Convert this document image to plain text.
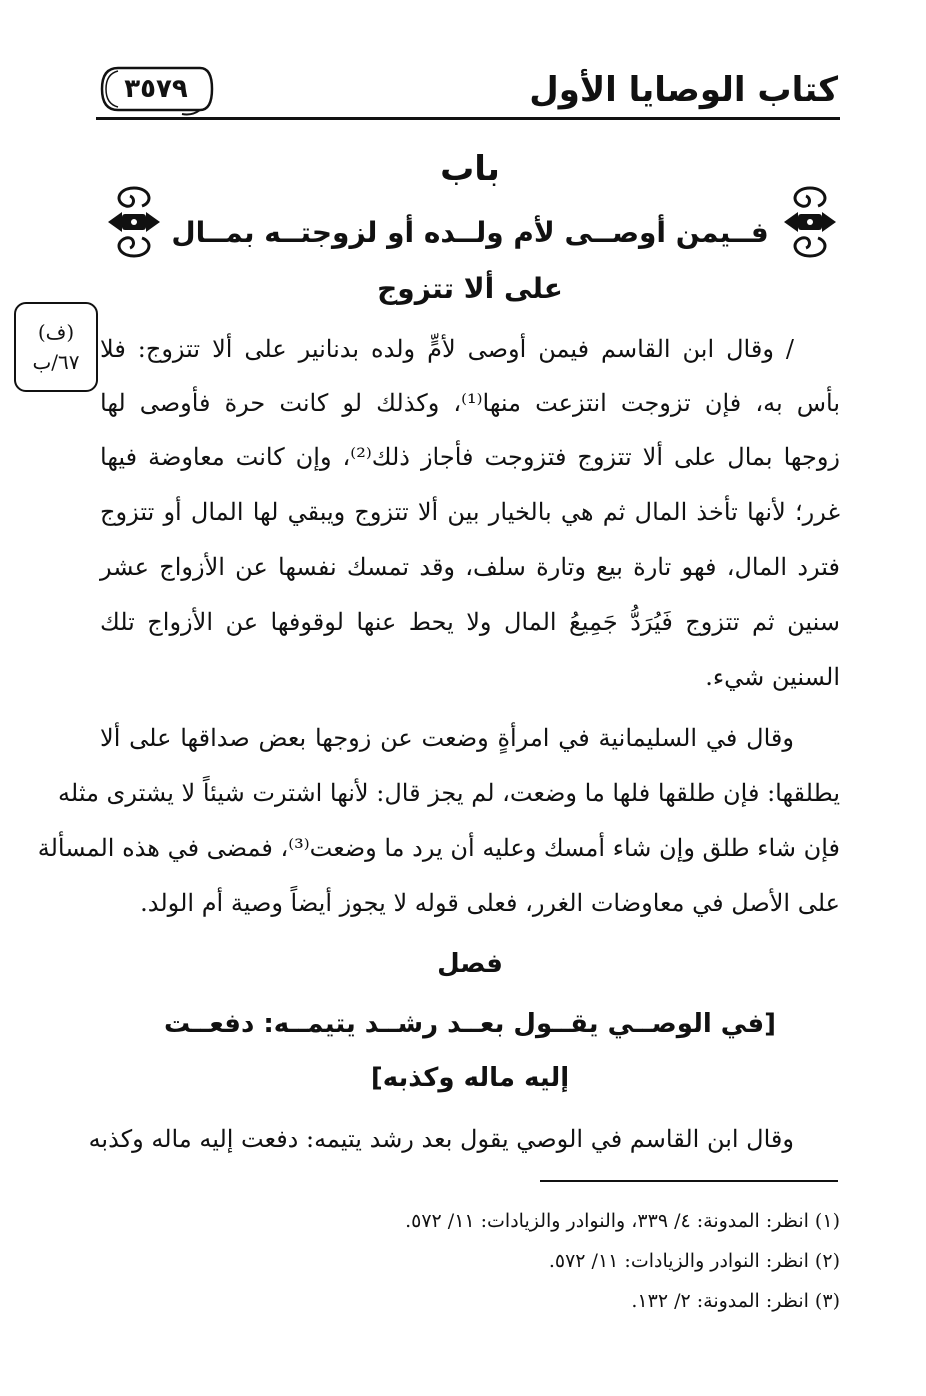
كتاب الوصايا الأول
٣٥٧٩
باب
فــيمن أوصــى لأم ولــده أو لزوجتــه بمــال
على ألا تتزوج
(ف)
٦٧/ب / وقال ابن القاسم فيمن أوصى لأمٍّ ولده بدنانير على ألا تتزوج: فلا
بأس به، فإن تزوجت انتزعت منها⁽¹⁾، وكذلك لو كانت حرة فأوصى لها
زوجها بمال على ألا تتزوج فتزوجت فأجاز ذلك⁽²⁾، وإن كانت معاوضة فيها
غرر؛ لأنها تأخذ المال ثم هي بالخيار بين ألا تتزوج ويبقي لها المال أو تتزوج
فترد المال، فهو تارة بيع وتارة سلف، وقد تمسك نفسها عن الأزواج عشر
سنين ثم تتزوج فَيُرَدُّ جَمِيعُ المال ولا يحط عنها لوقوفها عن الأزواج تلك
السنين شيء.
وقال في السليمانية في امرأةٍ وضعت عن زوجها بعض صداقها على ألا
يطلقها: فإن طلقها فلها ما وضعت، لم يجز قال: لأنها اشترت شيئاً لا يشترى مثله
فإن شاء طلق وإن شاء أمسك وعليه أن يرد ما وضعت⁽³⁾، فمضى في هذه المسألة
على الأصل في معاوضات الغرر، فعلى قوله لا يجوز أيضاً وصية أم الولد.
فصل
[في الوصــي يقــول بعــد رشــد يتيمــه: دفعــت
إليه ماله وكذبه]
وقال ابن القاسم في الوصي يقول بعد رشد يتيمه: دفعت إليه ماله وكذبه
(١) انظر: المدونة: ٤/ ٣٣٩، والنوادر والزيادات: ١١/ ٥٧٢.
(٢) انظر: النوادر والزيادات: ١١/ ٥٧٢.
(٣) انظر: المدونة: ٢/ ١٣٢.
